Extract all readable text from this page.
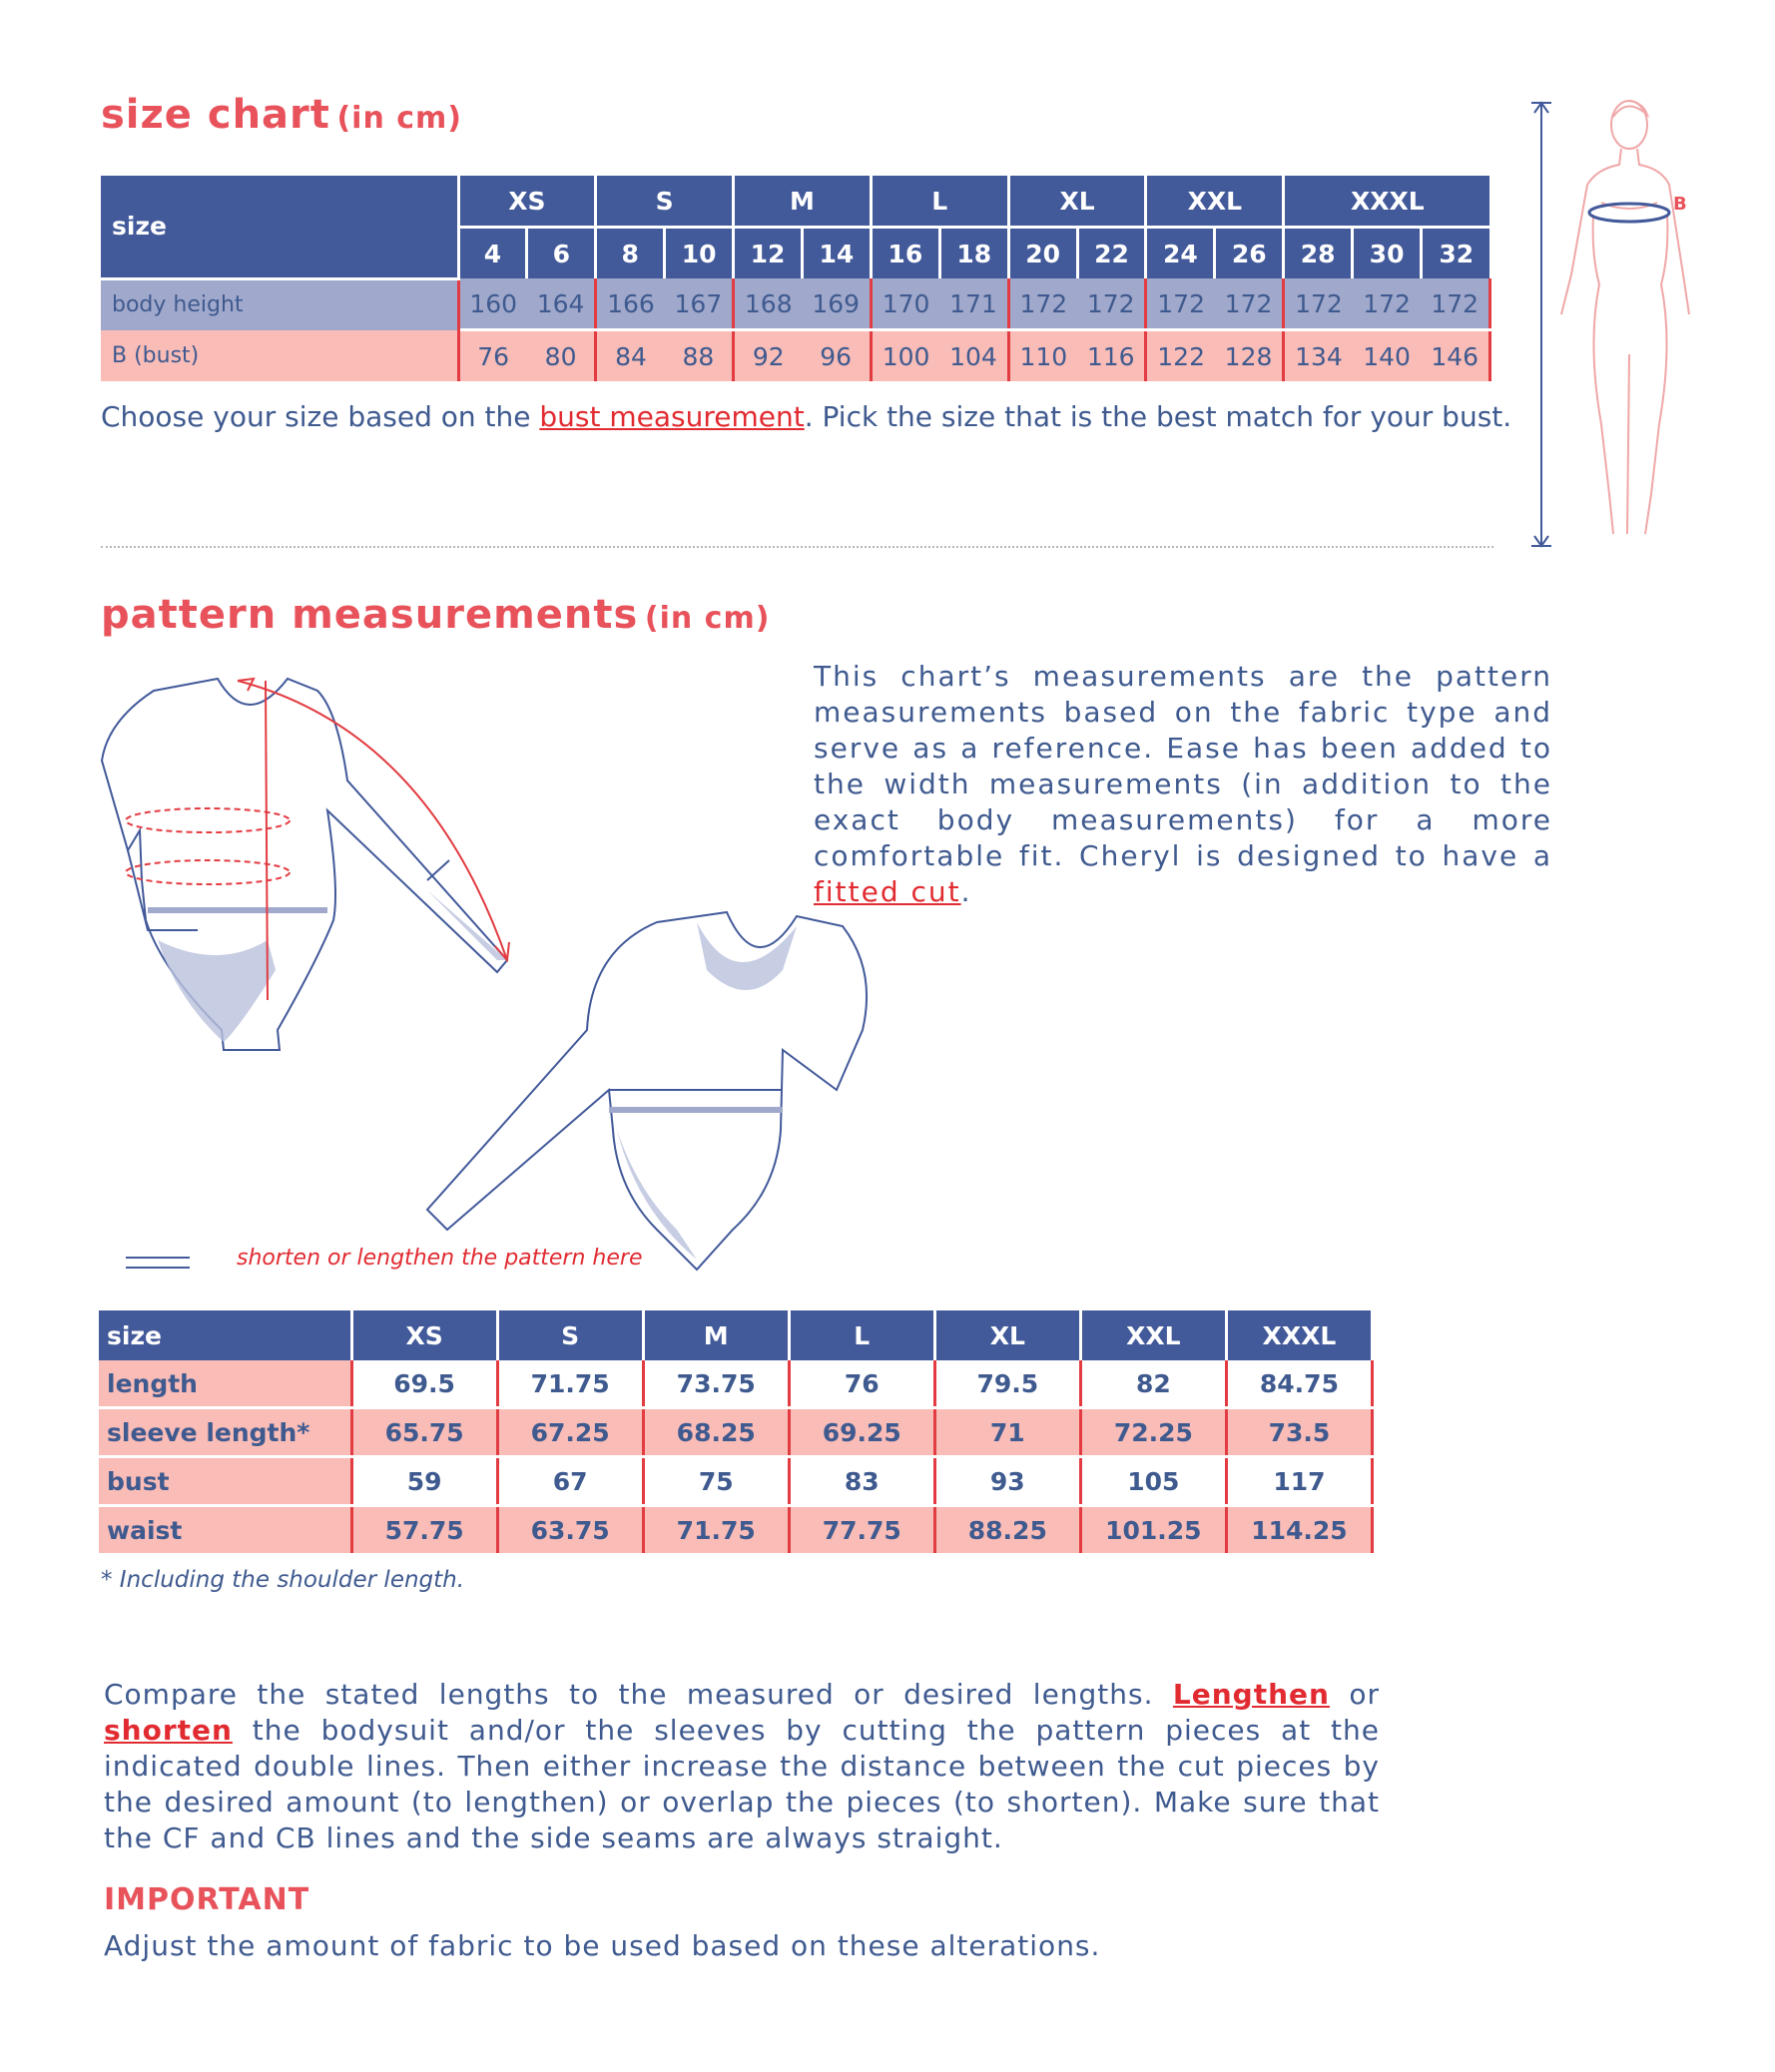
size chart (in cm)
size	XS		S		M		L		XL		XXL		XXXL		
	4	6	8	10	12	14	16	18	20	22	24	26	28	30	32
body height	160	164	166	167	168	169	170	171	172	172	172	172	172	172	172
B (bust)	76	80	84	88	92	96	100	104	110	116	122	128	134	140	146
Choose your size based on the bust measurement. Pick the size that is the best match for your bust.
B
pattern measurements (in cm)
This chart’s measurements are the pattern measurements based on the fabric type and serve as a reference. Ease has been added to the width measurements (in addition to the exact body measurements) for a more comfortable fit. Cheryl is designed to have a fitted cut.
shorten or lengthen the pattern here
size	XS	S	M	L	XL	XXL	XXXL
length	69.5	71.75	73.75	76	79.5	82	84.75
sleeve length*	65.75	67.25	68.25	69.25	71	72.25	73.5
bust	59	67	75	83	93	105	117
waist	57.75	63.75	71.75	77.75	88.25	101.25	114.25
* Including the shoulder length.
Compare the stated lengths to the measured or desired lengths. Lengthen or shorten the bodysuit and/or the sleeves by cutting the pattern pieces at the indicated double lines. Then either increase the distance between the cut pieces by the desired amount (to lengthen) or overlap the pieces (to shorten). Make sure that the CF and CB lines and the side seams are always straight.
IMPORTANT
Adjust the amount of fabric to be used based on these alterations.
